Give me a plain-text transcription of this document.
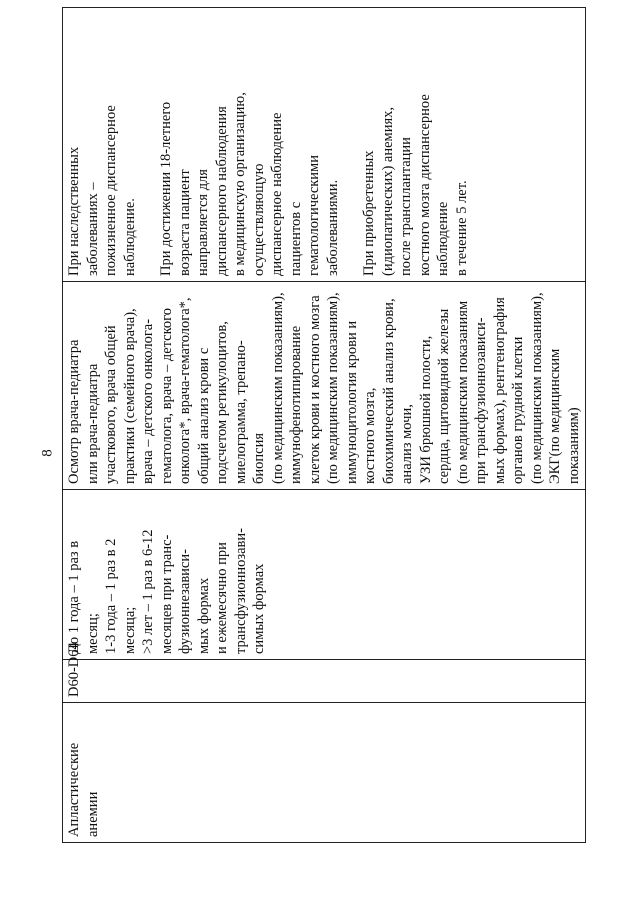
8
Апластические анемии

D60-D64

До 1 года – 1 раз в месяц; 1-3 года – 1 раз в 2 месяца; >3 лет – 1 раз в 6-12 месяцев при транс- фузионнезависи- мых формах и ежемесячно при трансфузионнозави- симых формах

Осмотр врача-педиатра или врача-педиатра участкового, врача общей практики (семейного врача), врача – детского онколога- гематолога, врача – детского онколога*, врача-гематолога*, общий анализ крови с подсчетом ретикулоцитов, миелограмма, трепано- биопсия (по медицинским показаниям), иммунофенотипирование клеток крови и костного мозга (по медицинским показаниям), иммуноцитология крови и костного мозга, биохимический анализ крови, анализ мочи, УЗИ брюшной полости, сердца, щитовидной железы (по медицинским показаниям при трансфузионнозависи- мых формах), рентгенография органов грудной клетки (по медицинским показаниям), ЭКГ(по медицинским показаниям)

При наследственных заболеваниях – пожизненное диспансерное наблюдение. При достижении 18-летнего возраста пациент направляется для диспансерного наблюдения в медицинскую организацию, осуществляющую диспансерное наблюдение пациентов с гематологическими заболеваниями. При приобретенных (идиопатических) анемиях, после трансплантации костного мозга диспансерное наблюдение в течение 5 лет.
